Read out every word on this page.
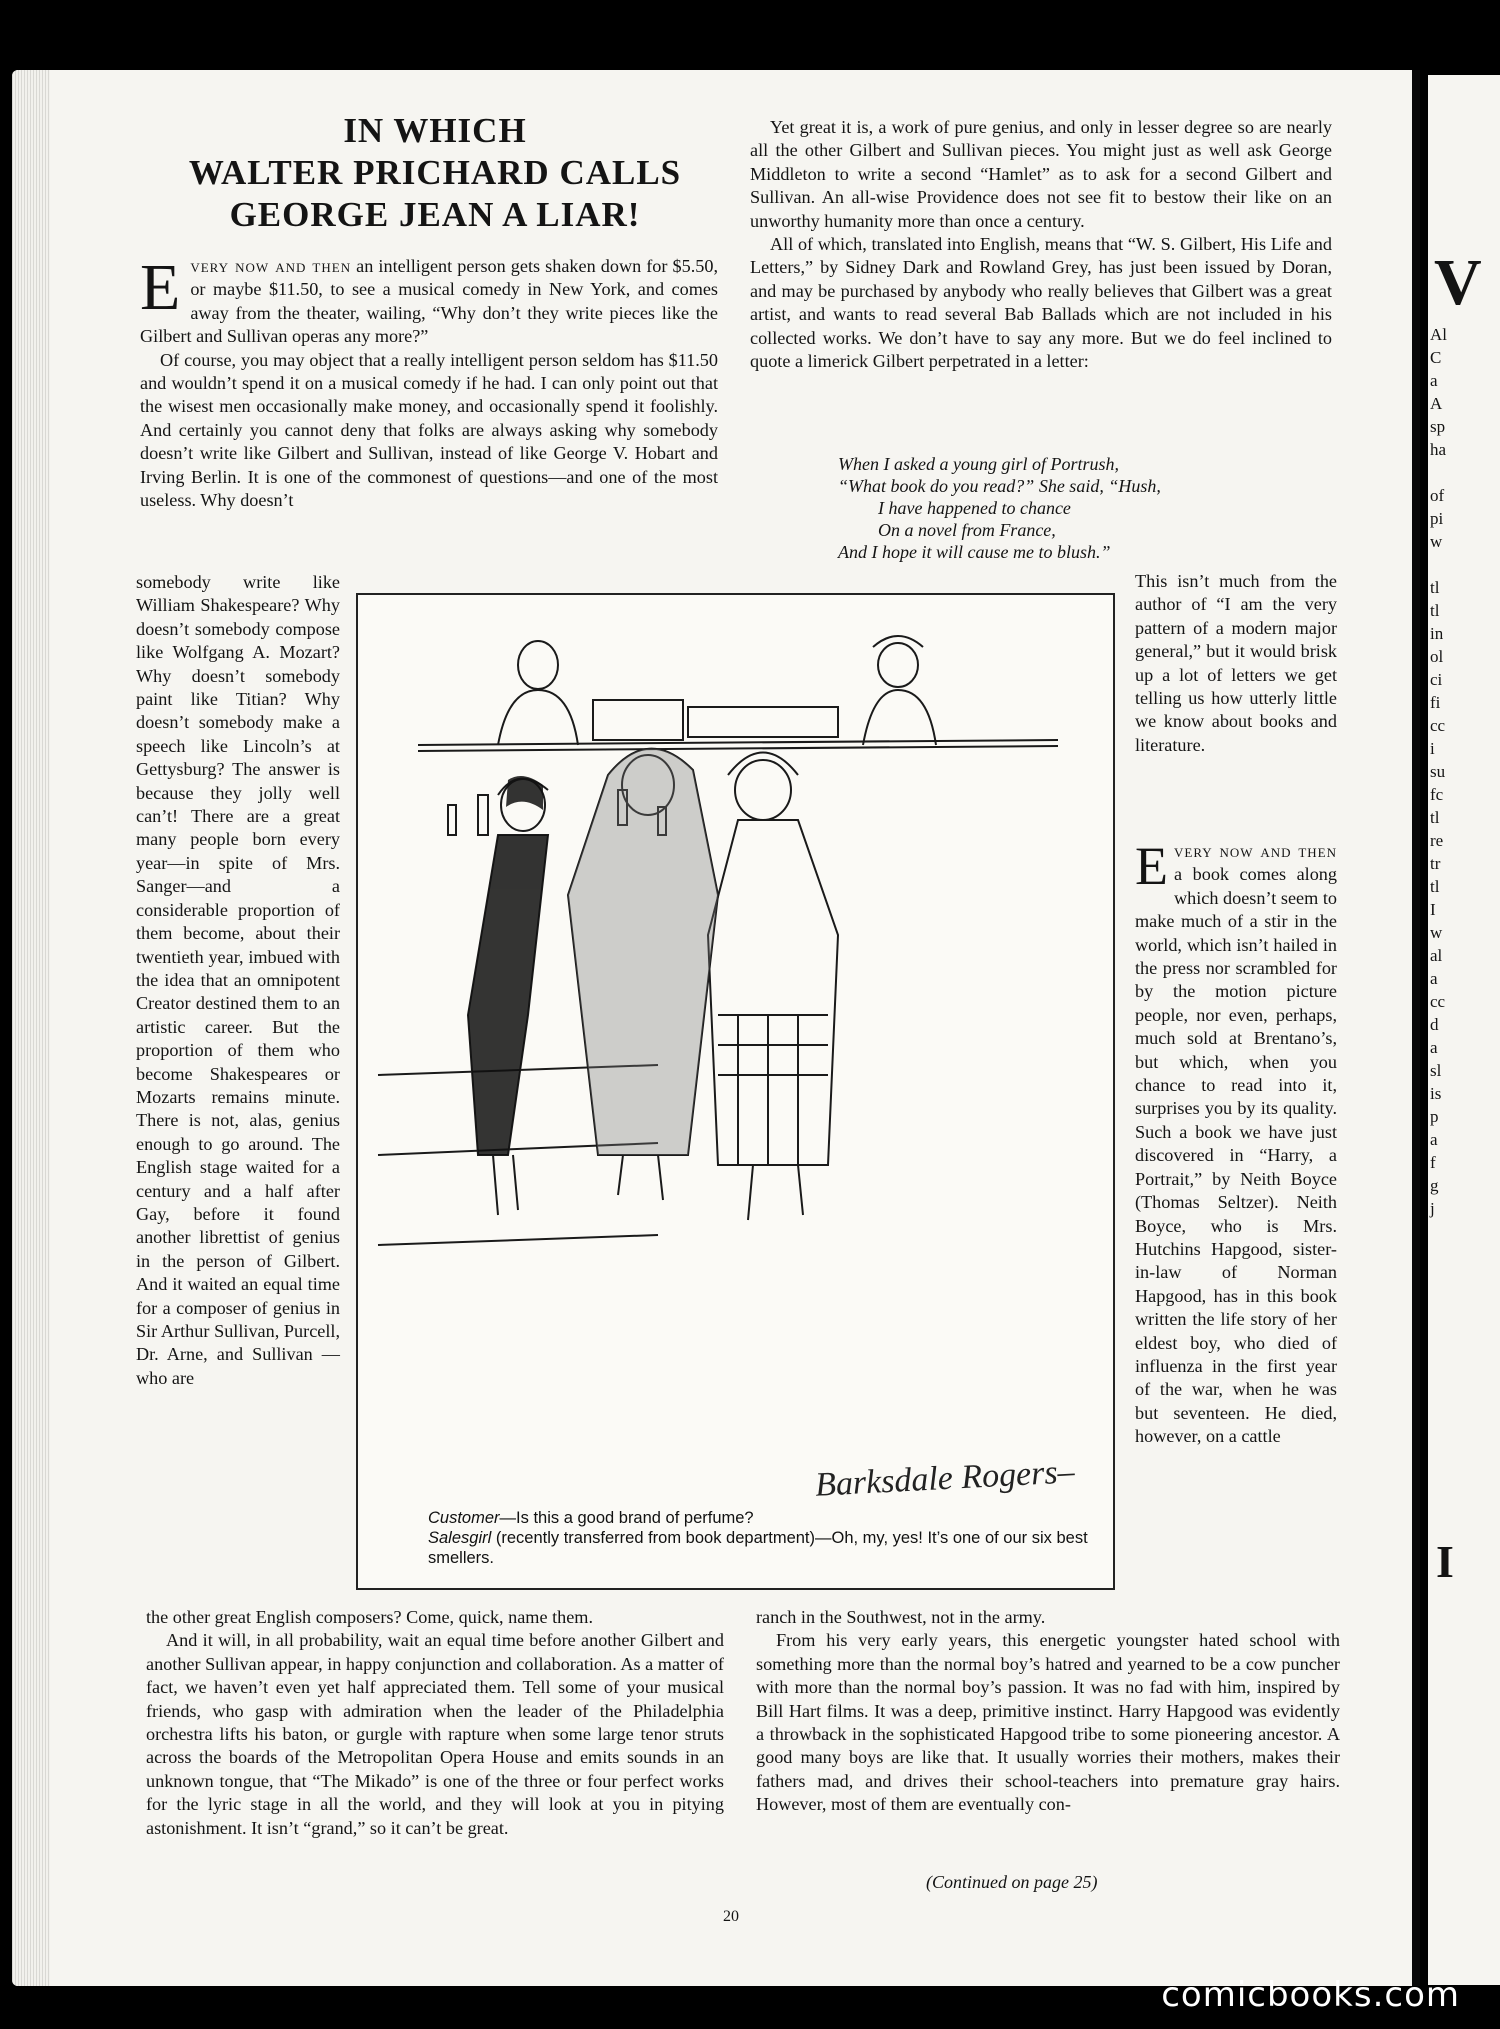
V
Al
C
a
A
sp
ha
of
pi
w
tl
tl
in
ol
ci
fi
cc
i
su
fc
tl
re
tr
tl
I
w
al
a
cc
d
a
sl
is
p
a
f
g
j
I
IN WHICH
WALTER PRICHARD CALLS
GEORGE JEAN A LIAR!

Every now and then an intelligent person gets shaken down for $5.50, or maybe $11.50, to see a musical comedy in New York, and comes away from the theater, wailing, “Why don’t they write pieces like the Gilbert and Sullivan operas any more?”

Of course, you may object that a really intelligent person seldom has $11.50 and wouldn’t spend it on a musical comedy if he had. I can only point out that the wisest men occasionally make money, and occasionally spend it foolishly. And certainly you cannot deny that folks are always asking why somebody doesn’t write like Gilbert and Sullivan, instead of like George V. Hobart and Irving Berlin. It is one of the commonest of questions—and one of the most useless. Why doesn’t

somebody write like William Shakespeare? Why doesn’t somebody compose like Wolfgang A. Mozart? Why doesn’t somebody paint like Titian? Why doesn’t somebody make a speech like Lincoln’s at Gettysburg? The answer is because they jolly well can’t! There are a great many people born every year—in spite of Mrs. Sanger—and a considerable proportion of them become, about their twentieth year, imbued with the idea that an omnipotent Creator destined them to an artistic career. But the proportion of them who become Shakespeares or Mozarts remains minute. There is not, alas, genius enough to go around. The English stage waited for a century and a half after Gay, before it found another librettist of genius in the person of Gilbert. And it waited an equal time for a composer of genius in Sir Arthur Sullivan, Purcell, Dr. Arne, and Sullivan — who are

the other great English composers? Come, quick, name them.

And it will, in all probability, wait an equal time before another Gilbert and another Sullivan appear, in happy conjunction and collaboration. As a matter of fact, we haven’t even yet half appreciated them. Tell some of your musical friends, who gasp with admiration when the leader of the Philadelphia orchestra lifts his baton, or gurgle with rapture when some large tenor struts across the boards of the Metropolitan Opera House and emits sounds in an unknown tongue, that “The Mikado” is one of the three or four perfect works for the lyric stage in all the world, and they will look at you in pitying astonishment. It isn’t “grand,” so it can’t be great.

Yet great it is, a work of pure genius, and only in lesser degree so are nearly all the other Gilbert and Sullivan pieces. You might just as well ask George Middleton to write a second “Hamlet” as to ask for a second Gilbert and Sullivan. An all-wise Providence does not see fit to bestow their like on an unworthy humanity more than once a century.

All of which, translated into English, means that “W. S. Gilbert, His Life and Letters,” by Sidney Dark and Rowland Grey, has just been issued by Doran, and may be purchased by anybody who really believes that Gilbert was a great artist, and wants to read several Bab Ballads which are not included in his collected works. We don’t have to say any more. But we do feel inclined to quote a limerick Gilbert perpetrated in a letter:

When I asked a young girl of Portrush,
“What book do you read?” She said, “Hush,
I have happened to chance
On a novel from France,
And I hope it will cause me to blush.”

This isn’t much from the author of “I am the very pattern of a modern major general,” but it would brisk up a lot of letters we get telling us how utterly little we know about books and literature.

Every now and then a book comes along which doesn’t seem to make much of a stir in the world, which isn’t hailed in the press nor scrambled for by the motion picture people, nor even, perhaps, much sold at Brentano’s, but which, when you chance to read into it, surprises you by its quality. Such a book we have just discovered in “Harry, a Portrait,” by Neith Boyce (Thomas Seltzer). Neith Boyce, who is Mrs. Hutchins Hapgood, sister-in-law of Norman Hapgood, has in this book written the life story of her eldest boy, who died of influenza in the first year of the war, when he was but seventeen. He died, however, on a cattle

ranch in the Southwest, not in the army.

From his very early years, this energetic youngster hated school with something more than the normal boy’s hatred and yearned to be a cow puncher with more than the normal boy’s passion. It was no fad with him, inspired by Bill Hart films. It was a deep, primitive instinct. Harry Hapgood was evidently a throwback in the sophisticated Hapgood tribe to some pioneering ancestor. A good many boys are like that. It usually worries their mothers, makes their fathers mad, and drives their school-teachers into premature gray hairs. However, most of them are eventually con-

(Continued on page 25)
20
Barksdale Rogers–
Customer—Is this a good brand of perfume?
Salesgirl (recently transferred from book department)—Oh, my, yes! It’s one of our six best smellers.
comicbooks.com
